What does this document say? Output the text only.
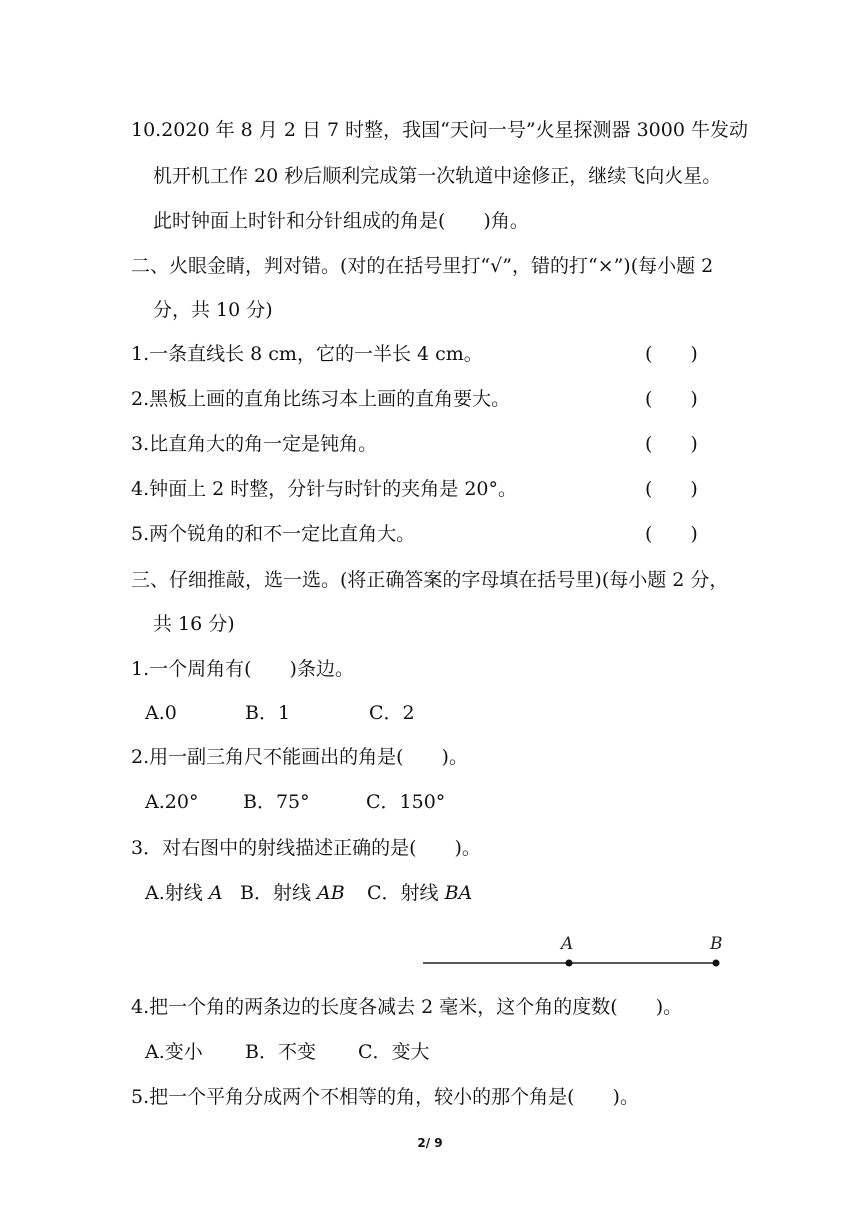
10.2020 年 8 月 2 日 7 时整，我国“天问一号”火星探测器 3000 牛发动
机开机工作 20 秒后顺利完成第一次轨道中途修正，继续飞向火星。
此时钟面上时针和分针组成的角是(　　)角。
二、火眼金睛，判对错。(对的在括号里打“√”，错的打“×”)(每小题 2
分，共 10 分)
1.一条直线长 8 cm，它的一半长 4 cm。	(　　)
2.黑板上画的直角比练习本上画的直角要大。	(　　)
3.比直角大的角一定是钝角。	(　　)
4.钟面上 2 时整，分针与时针的夹角是 20°。	(　　)
5.两个锐角的和不一定比直角大。	(　　)
三、仔细推敲，选一选。(将正确答案的字母填在括号里)(每小题 2 分，
共 16 分)
1.一个周角有(　　)条边。
A.0	B．1	C．2
2.用一副三角尺不能画出的角是(　　)。
A.20° B．75°	C．150°
3．对右图中的射线描述正确的是(　　)。
A.射线 A B．射线 AB C．射线 BA
A	B
4.把一个角的两条边的长度各减去 2 毫米，这个角的度数(　　)。
A.变小 B．不变 C．变大
5.把一个平角分成两个不相等的角，较小的那个角是(　　)。
2/ 9
